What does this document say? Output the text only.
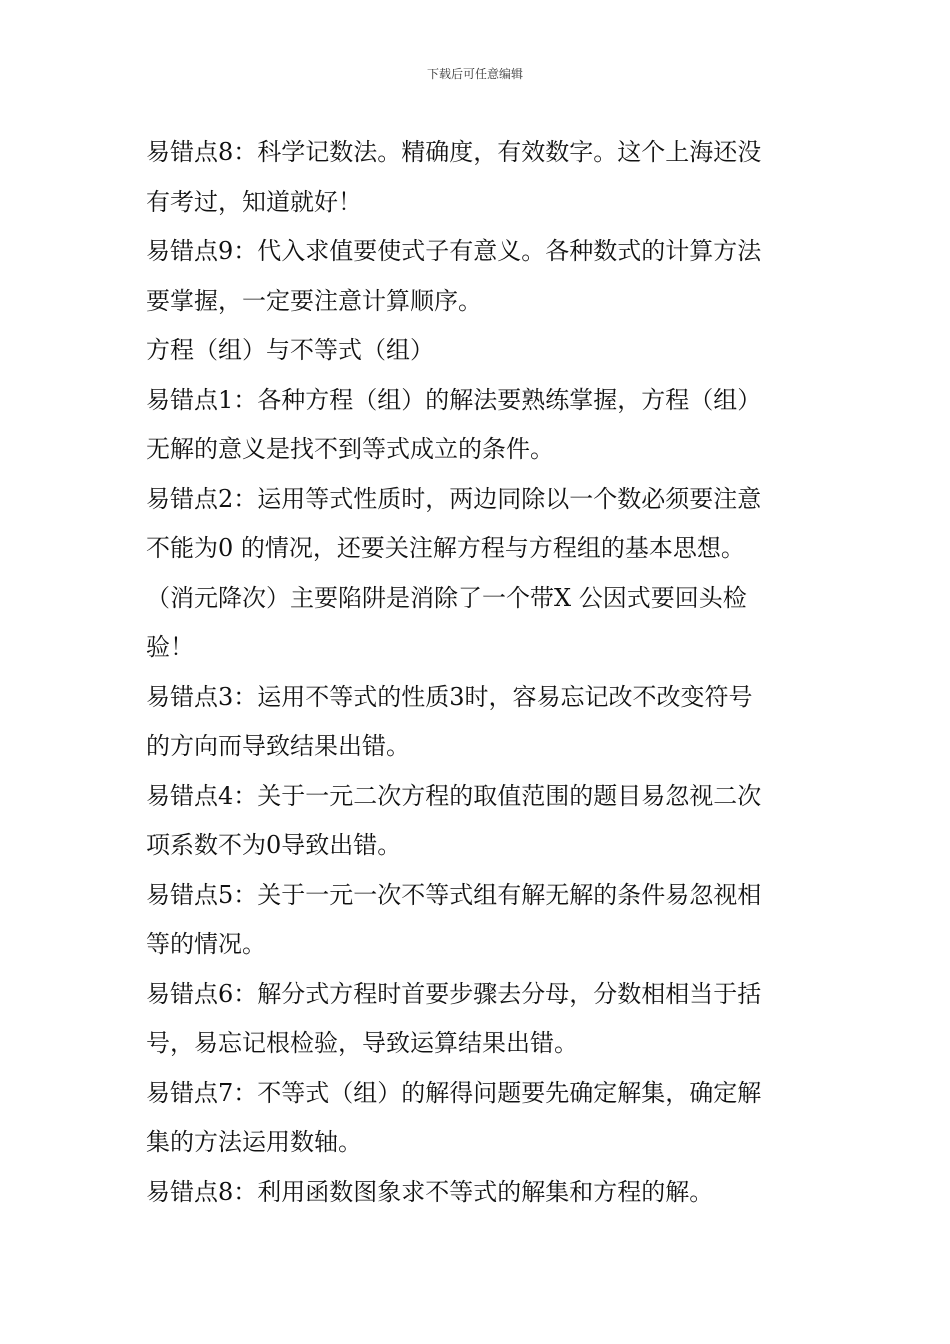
下载后可任意编辑
易错点8：科学记数法。精确度，有效数字。这个上海还没
有考过，知道就好！
易错点9：代入求值要使式子有意义。各种数式的计算方法
要掌握，一定要注意计算顺序。
方程（组）与不等式（组）
易错点1：各种方程（组）的解法要熟练掌握，方程（组）
无解的意义是找不到等式成立的条件。
易错点2：运用等式性质时，两边同除以一个数必须要注意
不能为0 的情况，还要关注解方程与方程组的基本思想。
（消元降次）主要陷阱是消除了一个带X 公因式要回头检
验！
易错点3：运用不等式的性质3时，容易忘记改不改变符号
的方向而导致结果出错。
易错点4：关于一元二次方程的取值范围的题目易忽视二次
项系数不为0导致出错。
易错点5：关于一元一次不等式组有解无解的条件易忽视相
等的情况。
易错点6：解分式方程时首要步骤去分母，分数相相当于括
号，易忘记根检验，导致运算结果出错。
易错点7：不等式（组）的解得问题要先确定解集，确定解
集的方法运用数轴。
易错点8：利用函数图象求不等式的解集和方程的解。
